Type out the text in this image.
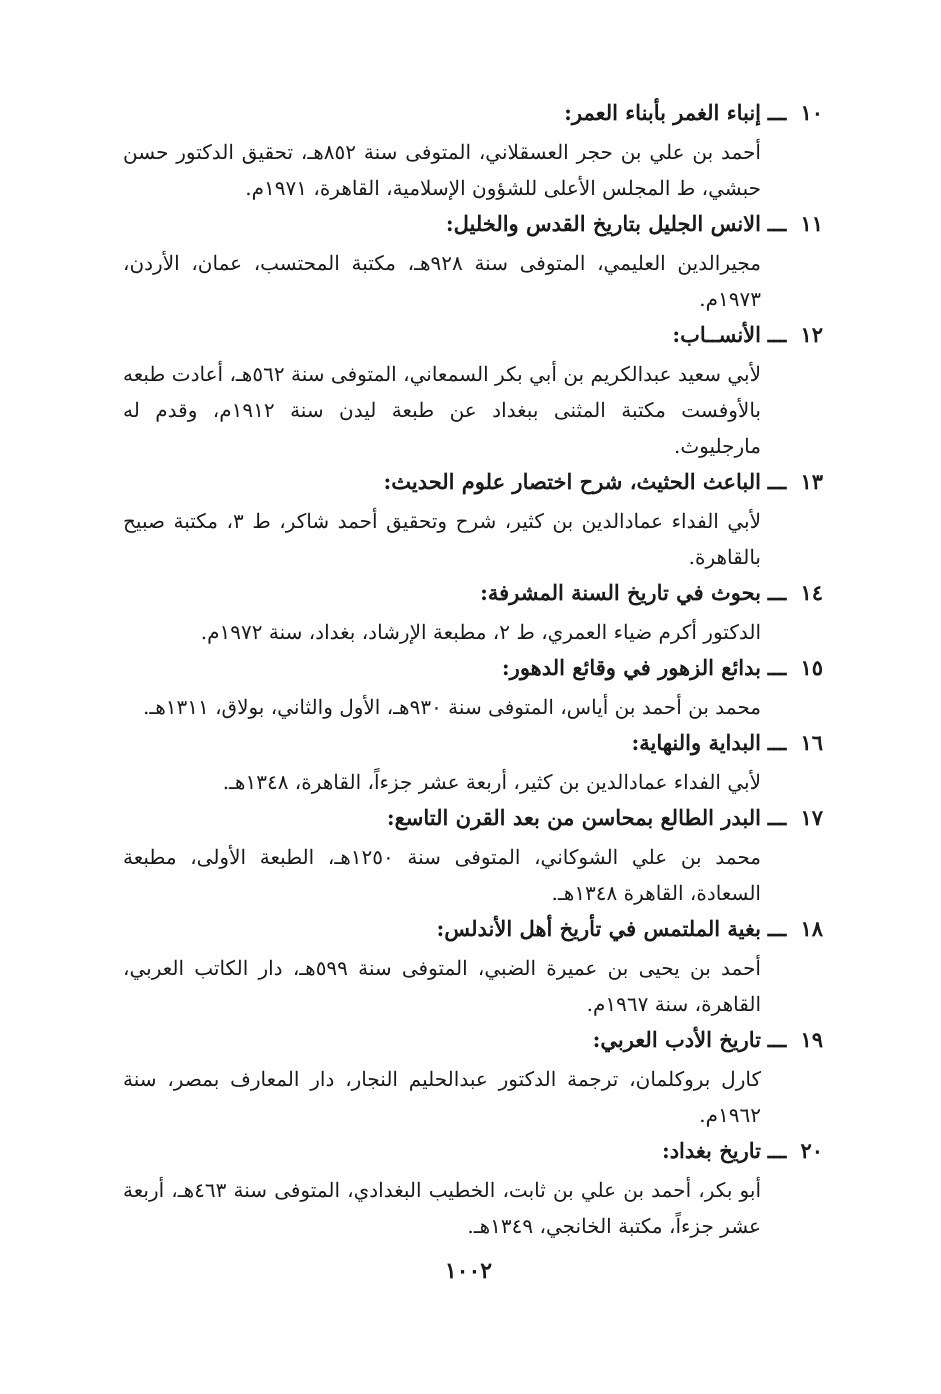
١٠
ـــ
إنباء الغمر بأبناء العمر:
أحمد بن علي بن حجر العسقلاني، المتوفى سنة ٨٥٢هـ، تحقيق الدكتور حسن حبشي، ط المجلس الأعلى للشؤون الإسلامية، القاهرة، ١٩٧١م.
١١
ـــ
الانس الجليل بتاريخ القدس والخليل:
مجيرالدين العليمي، المتوفى سنة ٩٢٨هـ، مكتبة المحتسب، عمان، الأردن، ١٩٧٣م.
١٢
ـــ
الأنســاب:
لأبي سعيد عبدالكريم بن أبي بكر السمعاني، المتوفى سنة ٥٦٢هـ، أعادت طبعه بالأوفست مكتبة المثنى ببغداد عن طبعة ليدن سنة ١٩١٢م، وقدم له مارجليوث.
١٣
ـــ
الباعث الحثيث، شرح اختصار علوم الحديث:
لأبي الفداء عمادالدين بن كثير، شرح وتحقيق أحمد شاكر، ط ٣، مكتبة صبيح بالقاهرة.
١٤
ـــ
بحوث في تاريخ السنة المشرفة:
الدكتور أكرم ضياء العمري، ط ٢، مطبعة الإرشاد، بغداد، سنة ١٩٧٢م.
١٥
ـــ
بدائع الزهور في وقائع الدهور:
محمد بن أحمد بن أياس، المتوفى سنة ٩٣٠هـ، الأول والثاني، بولاق، ١٣١١هـ.
١٦
ـــ
البداية والنهاية:
لأبي الفداء عمادالدين بن كثير، أربعة عشر جزءاً، القاهرة، ١٣٤٨هـ.
١٧
ـــ
البدر الطالع بمحاسن من بعد القرن التاسع:
محمد بن علي الشوكاني، المتوفى سنة ١٢٥٠هـ، الطبعة الأولى، مطبعة السعادة، القاهرة ١٣٤٨هـ.
١٨
ـــ
بغية الملتمس في تأريخ أهل الأندلس:
أحمد بن يحيى بن عميرة الضبي، المتوفى سنة ٥٩٩هـ، دار الكاتب العربي، القاهرة، سنة ١٩٦٧م.
١٩
ـــ
تاريخ الأدب العربي:
كارل بروكلمان، ترجمة الدكتور عبدالحليم النجار، دار المعارف بمصر، سنة ١٩٦٢م.
٢٠
ـــ
تاريخ بغداد:
أبو بكر، أحمد بن علي بن ثابت، الخطيب البغدادي، المتوفى سنة ٤٦٣هـ، أربعة عشر جزءاً، مكتبة الخانجي، ١٣٤٩هـ.
١٠٠٢
